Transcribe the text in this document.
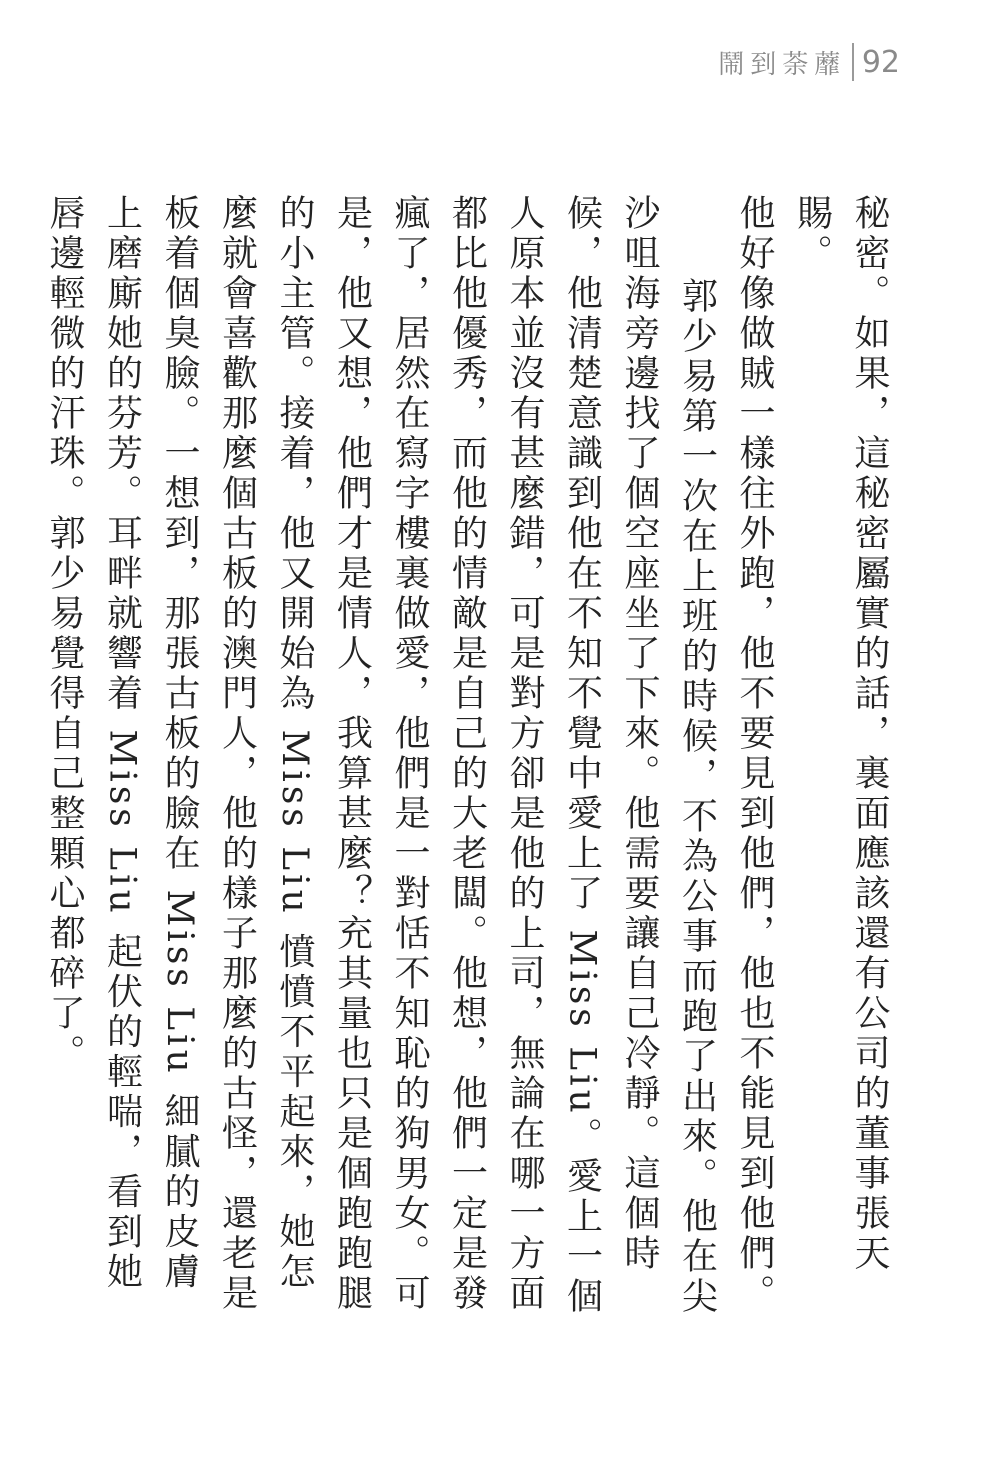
鬧到荼蘼 92

秘密。如果，這秘密屬實的話，裏面應該還有公司的董事張天賜。

他好像做賊一樣往外跑，他不要見到他們，他也不能見到他們。

郭少易第一次在上班的時候，不為公事而跑了出來。他在尖沙咀海旁邊找了個空座坐了下來。他需要讓自己冷靜。這個時候，他清楚意識到他在不知不覺中愛上了 Miss Liu。愛上一個人原本並沒有甚麼錯，可是對方卻是他的上司，無論在哪一方面都比他優秀，而他的情敵是自己的大老闆。他想，他們一定是發瘋了，居然在寫字樓裏做愛，他們是一對恬不知恥的狗男女。可是，他又想，他們才是情人，我算甚麼？充其量也只是個跑跑腿的小主管。接着，他又開始為 Miss Liu 憤憤不平起來，她怎麼就會喜歡那麼個古板的澳門人，他的樣子那麼的古怪，還老是板着個臭臉。一想到，那張古板的臉在 Miss Liu 細膩的皮膚上磨廝她的芬芳。耳畔就響着 Miss Liu 起伏的輕喘，看到她唇邊輕微的汗珠。郭少易覺得自己整顆心都碎了。
